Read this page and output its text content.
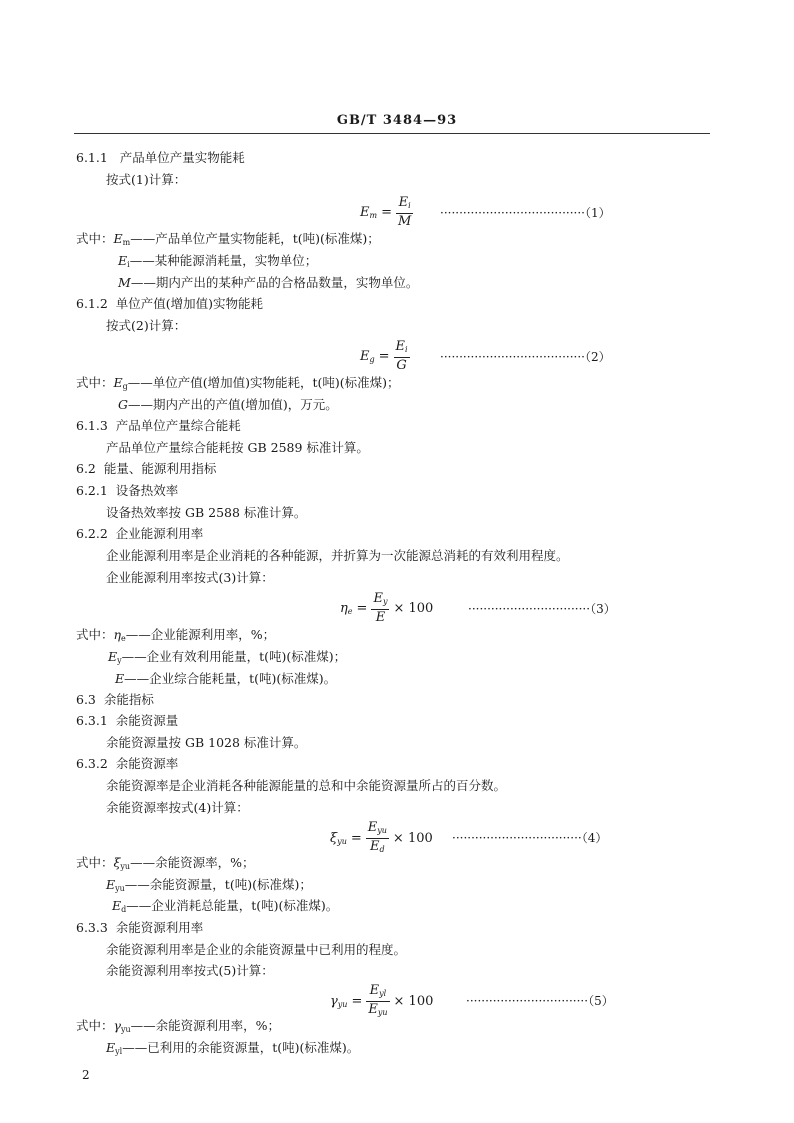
GB/T 3484—93
6.1.1 产品单位产量实物能耗
按式(1)计算：
$E_m = \frac{E_i}{M} \cdot\cdot\cdot\cdot\cdot\cdot\cdot\cdot\cdot\cdot\cdot\cdot\cdot\cdot\cdot\cdot\cdot\cdot\cdot\cdot\cdot\cdot\cdot\cdot\cdot\cdot\cdot\cdot\cdot\cdot\cdot\cdot\cdot\cdot\cdot\cdot\cdot\cdot(1)$
式中：$E_m——$产品单位产量实物能耗，t(吨)(标准煤)；
$E_i——$某种能源消耗量，实物单位；
M——期内产出的某种产品的合格品数量，实物单位。
6.1.2 单位产值(增加值)实物能耗
按式(2)计算：
$E_g = \frac{E_i}{G}$	······································（2）
式中：$E_g——$单位产值(增加值)实物能耗，t(吨)(标准煤)；
G——期内产出的产值(增加值)，万元。
6.1.3 产品单位产量综合能耗
产品单位产量综合能耗按 GB 2589 标准计算。
6.2 能量、能源利用指标
6.2.1 设备热效率
设备热效率按 GB 2588 标准计算。
6.2.2 企业能源利用率
企业能源利用率是企业消耗的各种能源，并折算为一次能源总消耗的有效利用程度。
企业能源利用率按式(3)计算：
$\eta_e = \frac{E_y}{E} \times 100$	································（3）
式中：$\eta_e——$企业能源利用率，%；
$E_y——$企业有效利用能量，t(吨)(标准煤)；
E——企业综合能耗量，t(吨)(标准煤)。
6.3 余能指标
6.3.1 余能资源量
余能资源量按 GB 1028 标准计算。
6.3.2 余能资源率
余能资源率是企业消耗各种能源能量的总和中余能资源量所占的百分数。
余能资源率按式(4)计算：
$\xi_{yu} = \frac{E_{yu}}{E_d} \times 100 \cdot\cdot\cdot\cdot\cdot\cdot\cdot\cdot\cdot\cdot\cdot\cdot\cdot\cdot\cdot\cdot\cdot\cdot\cdot\cdot\cdot\cdot\cdot\cdot\cdot\cdot\cdot\cdot\cdot\cdot\cdot\cdot\cdot\cdot(4)$
式中：$\xi_{yu}——$余能资源率，%；
$E_{yu}——$余能资源量，t(吨)(标准煤)；
$E_d——$企业消耗总能量，t(吨)(标准煤)。
6.3.3 余能资源利用率
余能资源利用率是企业的余能资源量中已利用的程度。
余能资源利用率按式(5)计算：
$\gamma_{yu} = \frac{E_{yl}}{E_{yu}} \times 100$	································（5）
式中：$\gamma_{yu}——$余能资源利用率，%；
$E_{yl}——$已利用的余能资源量，t(吨)(标准煤)。
2
